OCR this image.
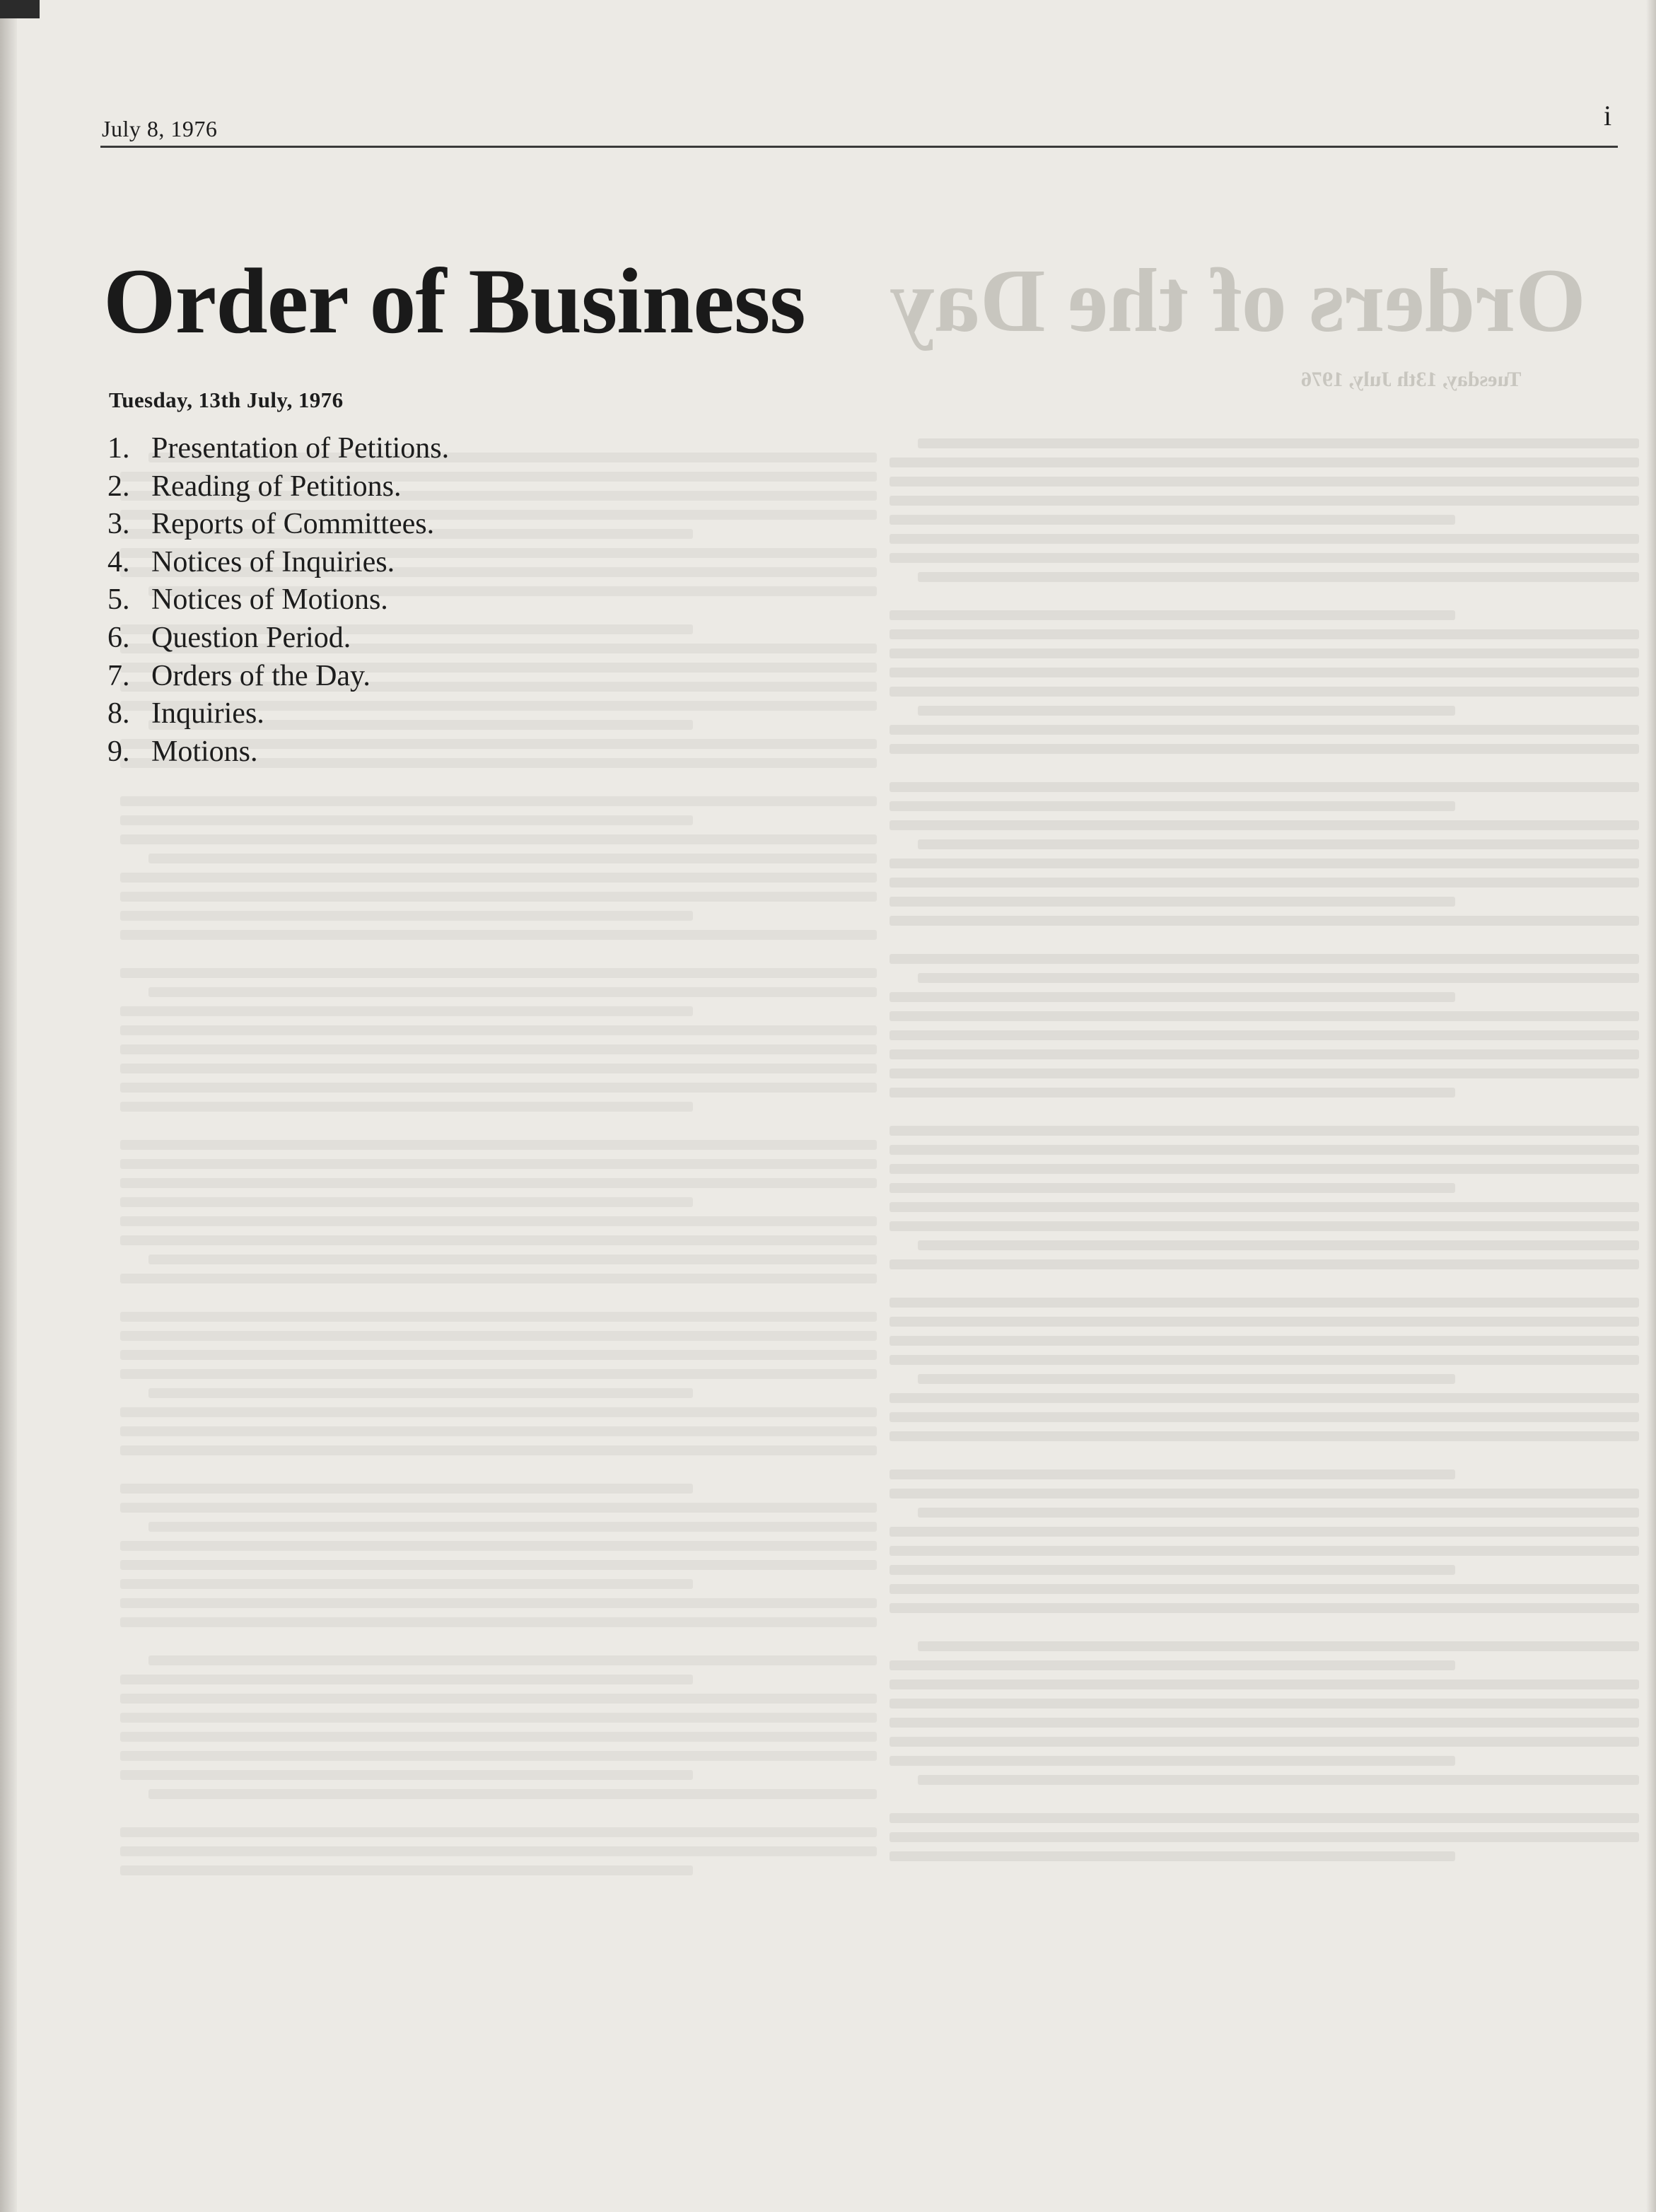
Orders of the Day
Tuesday, 13th July, 1976
July 8, 1976	i
Order of Business
Tuesday, 13th July, 1976
1. Presentation of Petitions.
2. Reading of Petitions.
3. Reports of Committees.
4. Notices of Inquiries.
5. Notices of Motions.
6. Question Period.
7. Orders of the Day.
8. Inquiries.
9. Motions.
